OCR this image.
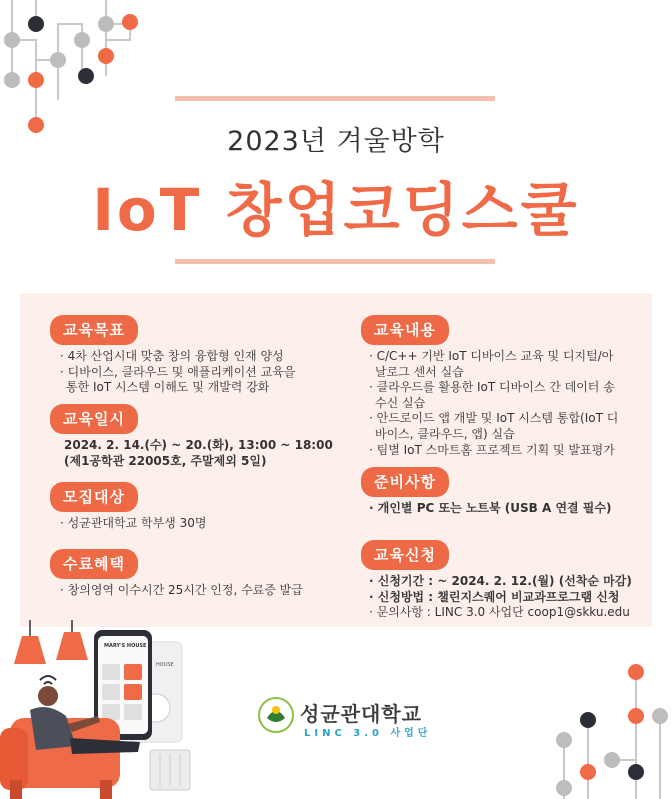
2023년 겨울방학
IoT 창업코딩스쿨
교육목표
· 4차 산업시대 맞춤 창의 융합형 인재 양성
· 디바이스, 클라우드 및 애플리케이션 교육을
통한 IoT 시스템 이해도 및 개발력 강화
교육일시
2024. 2. 14.(수) ~ 20.(화), 13:00 ~ 18:00
(제1공학관 22005호, 주말제외 5일)
모집대상
· 성균관대학교 학부생 30명
수료혜택
· 창의영역 이수시간 25시간 인정, 수료증 발급
교육내용
· C/C++ 기반 IoT 디바이스 교육 및 디지털/아
날로그 센서 실습
· 클라우드를 활용한 IoT 디바이스 간 데이터 송
수신 실습
· 안드로이드 앱 개발 및 IoT 시스템 통합(IoT 디
바이스, 클라우드, 앱) 실습
· 팀별 IoT 스마트홈 프로젝트 기획 및 발표평가
준비사항
· 개인별 PC 또는 노트북 (USB A 연결 필수)
교육신청
· 신청기간 : ~ 2024. 2. 12.(월) (선착순 마감)
· 신청방법 : 챌린지스퀘어 비교과프로그램 신청
· 문의사항 : LINC 3.0 사업단 coop1@skku.edu
MARY'S HOUSE
HOUSE
성균관대학교
LINC 3.0 사업단
